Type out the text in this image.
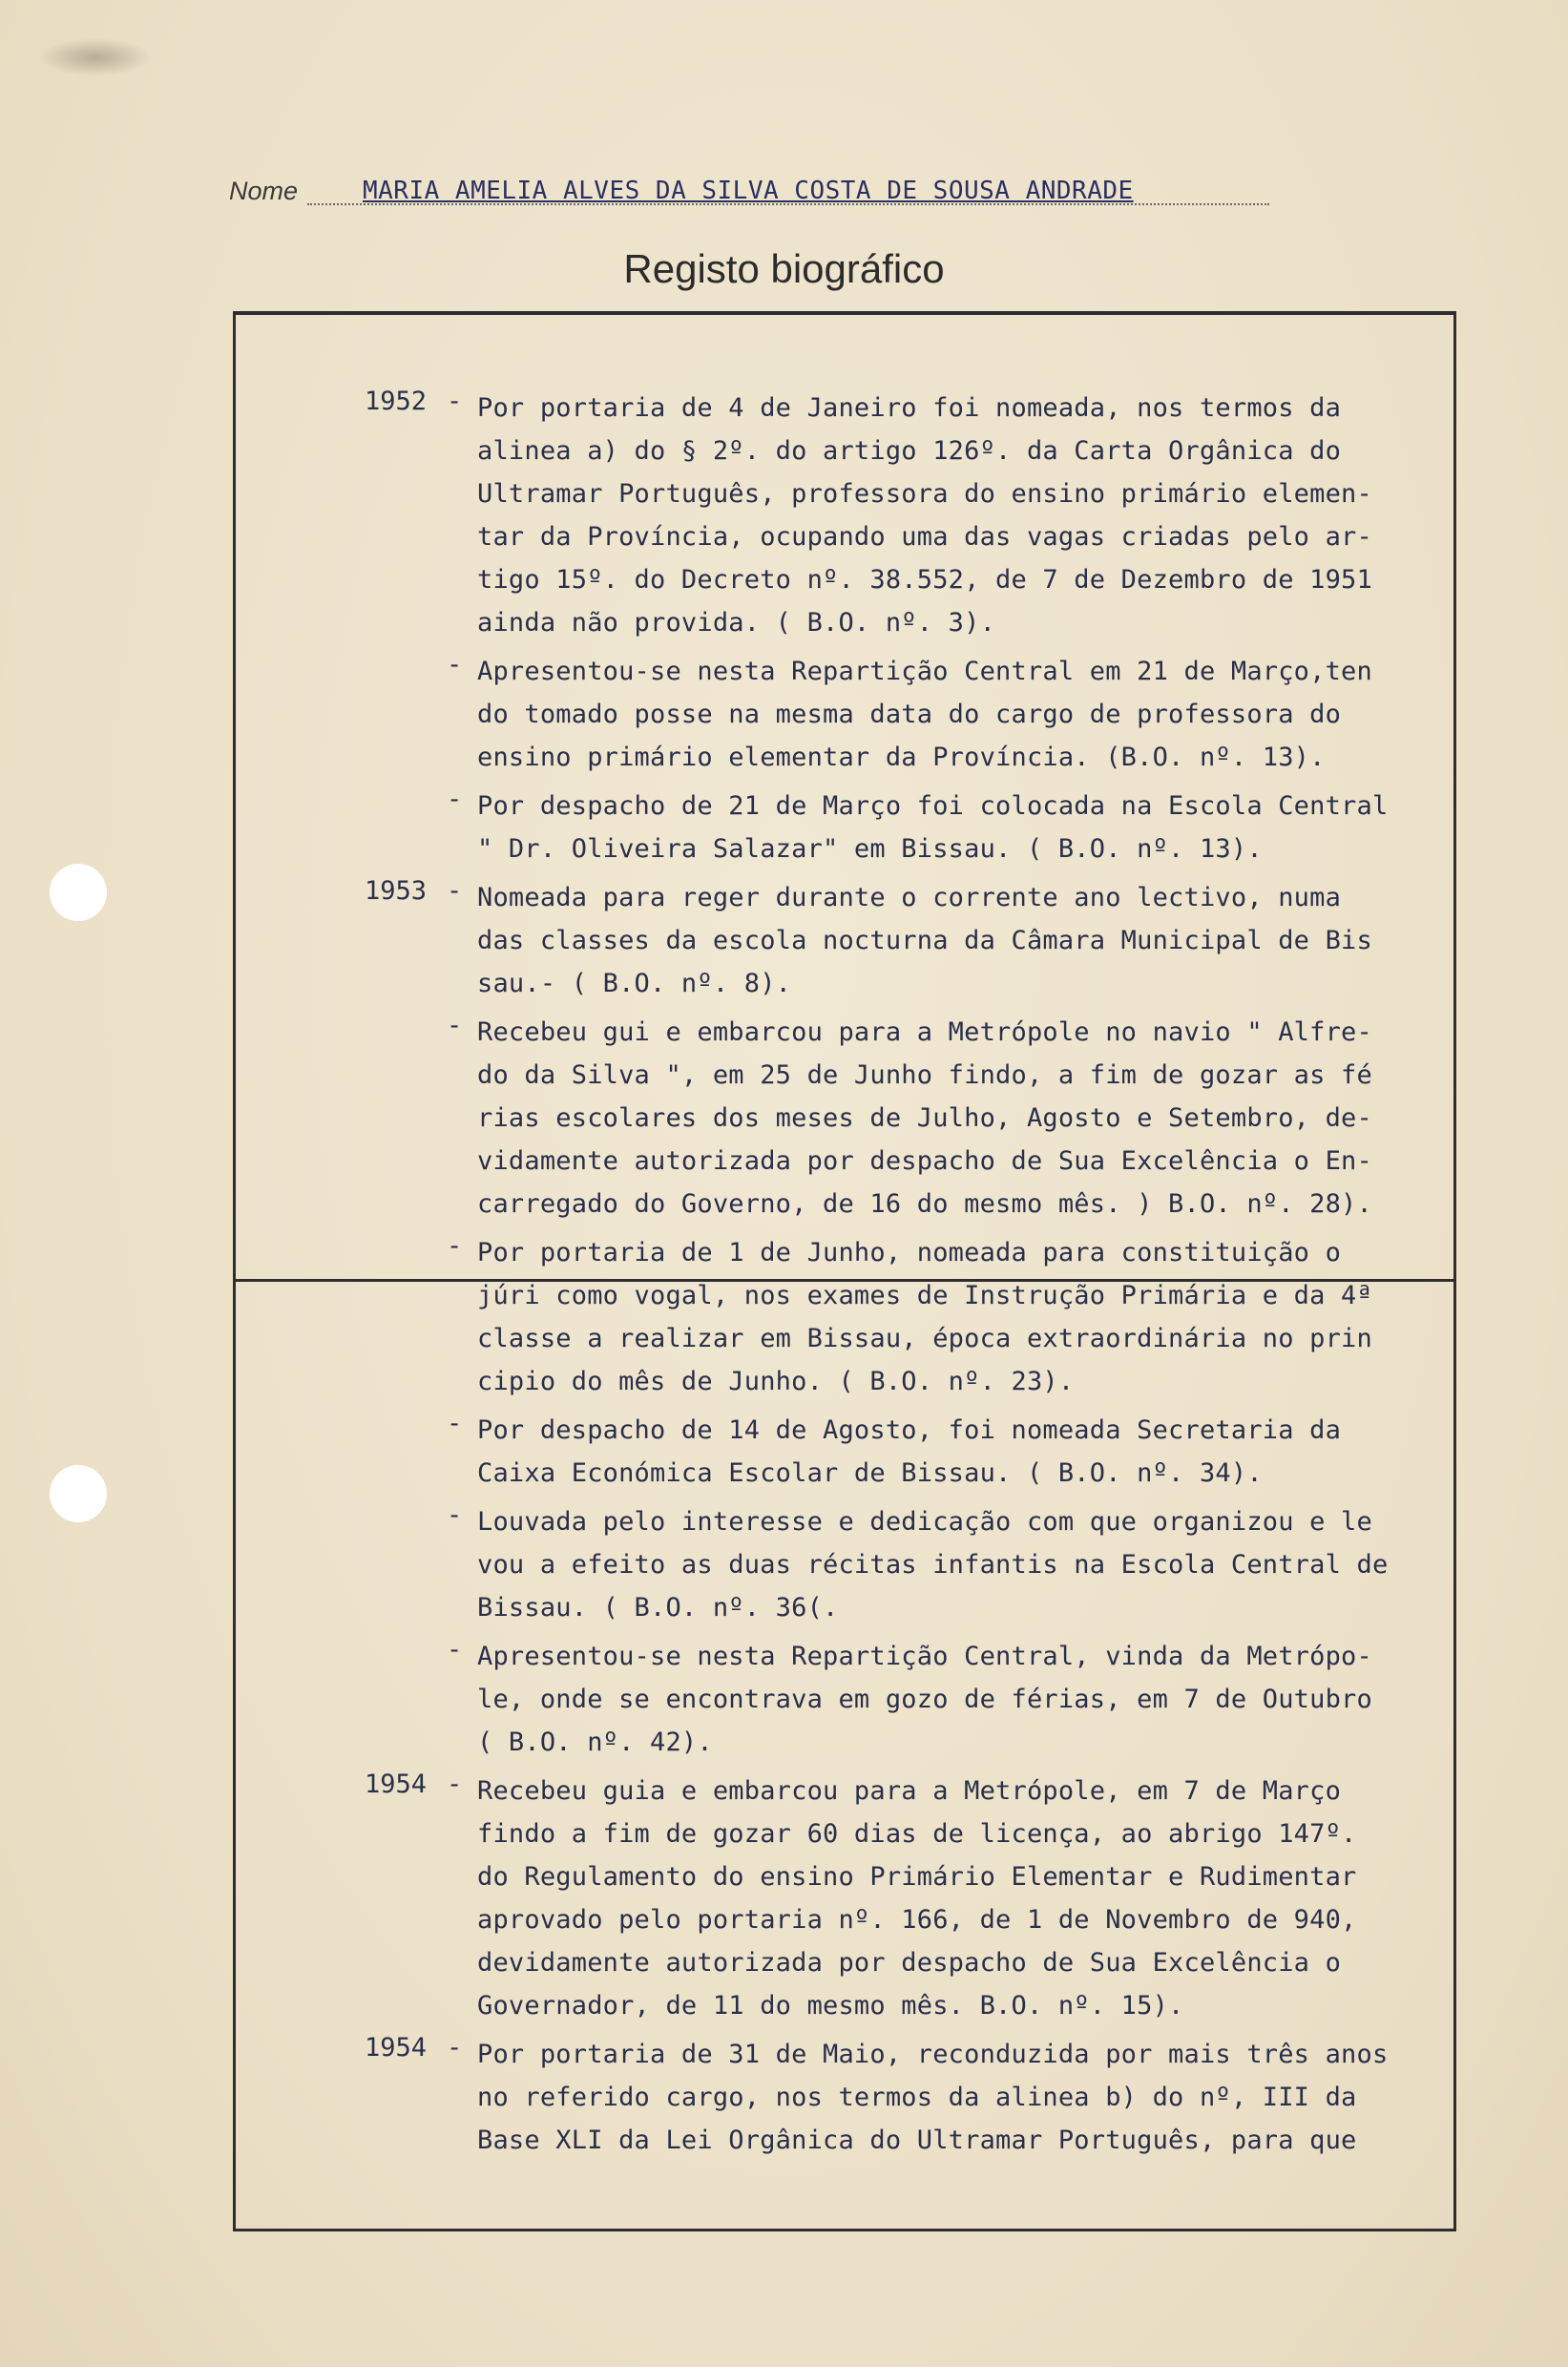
Nome	MARIA AMELIA ALVES DA SILVA COSTA DE SOUSA ANDRADE
Registo biográfico
1952 - Por portaria de 4 de Janeiro foi nomeada, nos termos da
alinea a) do § 2º. do artigo 126º. da Carta Orgânica do
Ultramar Português, professora do ensino primário elemen-
tar da Província, ocupando uma das vagas criadas pelo ar-
tigo 15º. do Decreto nº. 38.552, de 7 de Dezembro de 1951
ainda não provida. ( B.O. nº. 3).
- Apresentou-se nesta Repartição Central em 21 de Março,ten
do tomado posse na mesma data do cargo de professora do
ensino primário elementar da Província. (B.O. nº. 13).
- Por despacho de 21 de Março foi colocada na Escola Central
" Dr. Oliveira Salazar" em Bissau. ( B.O. nº. 13).
1953 - Nomeada para reger durante o corrente ano lectivo, numa
das classes da escola nocturna da Câmara Municipal de Bis
sau.- ( B.O. nº. 8).
- Recebeu gui e embarcou para a Metrópole no navio " Alfre-
do da Silva ", em 25 de Junho findo, a fim de gozar as fé
rias escolares dos meses de Julho, Agosto e Setembro, de-
vidamente autorizada por despacho de Sua Excelência o En-
carregado do Governo, de 16 do mesmo mês. ) B.O. nº. 28).
- Por portaria de 1 de Junho, nomeada para constituição o
júri como vogal, nos exames de Instrução Primária e da 4ª
classe a realizar em Bissau, época extraordinária no prin
cipio do mês de Junho. ( B.O. nº. 23).
- Por despacho de 14 de Agosto, foi nomeada Secretaria da
Caixa Económica Escolar de Bissau. ( B.O. nº. 34).
- Louvada pelo interesse e dedicação com que organizou e le
vou a efeito as duas récitas infantis na Escola Central de
Bissau. ( B.O. nº. 36(.
- Apresentou-se nesta Repartição Central, vinda da Metrópo-
le, onde se encontrava em gozo de férias, em 7 de Outubro
( B.O. nº. 42).
1954 - Recebeu guia e embarcou para a Metrópole, em 7 de Março
findo a fim de gozar 60 dias de licença, ao abrigo 147º.
do Regulamento do ensino Primário Elementar e Rudimentar
aprovado pelo portaria nº. 166, de 1 de Novembro de 940,
devidamente autorizada por despacho de Sua Excelência o
Governador, de 11 do mesmo mês. B.O. nº. 15).
1954 - Por portaria de 31 de Maio, reconduzida por mais três anos
no referido cargo, nos termos da alinea b) do nº, III da
Base XLI da Lei Orgânica do Ultramar Português, para que
